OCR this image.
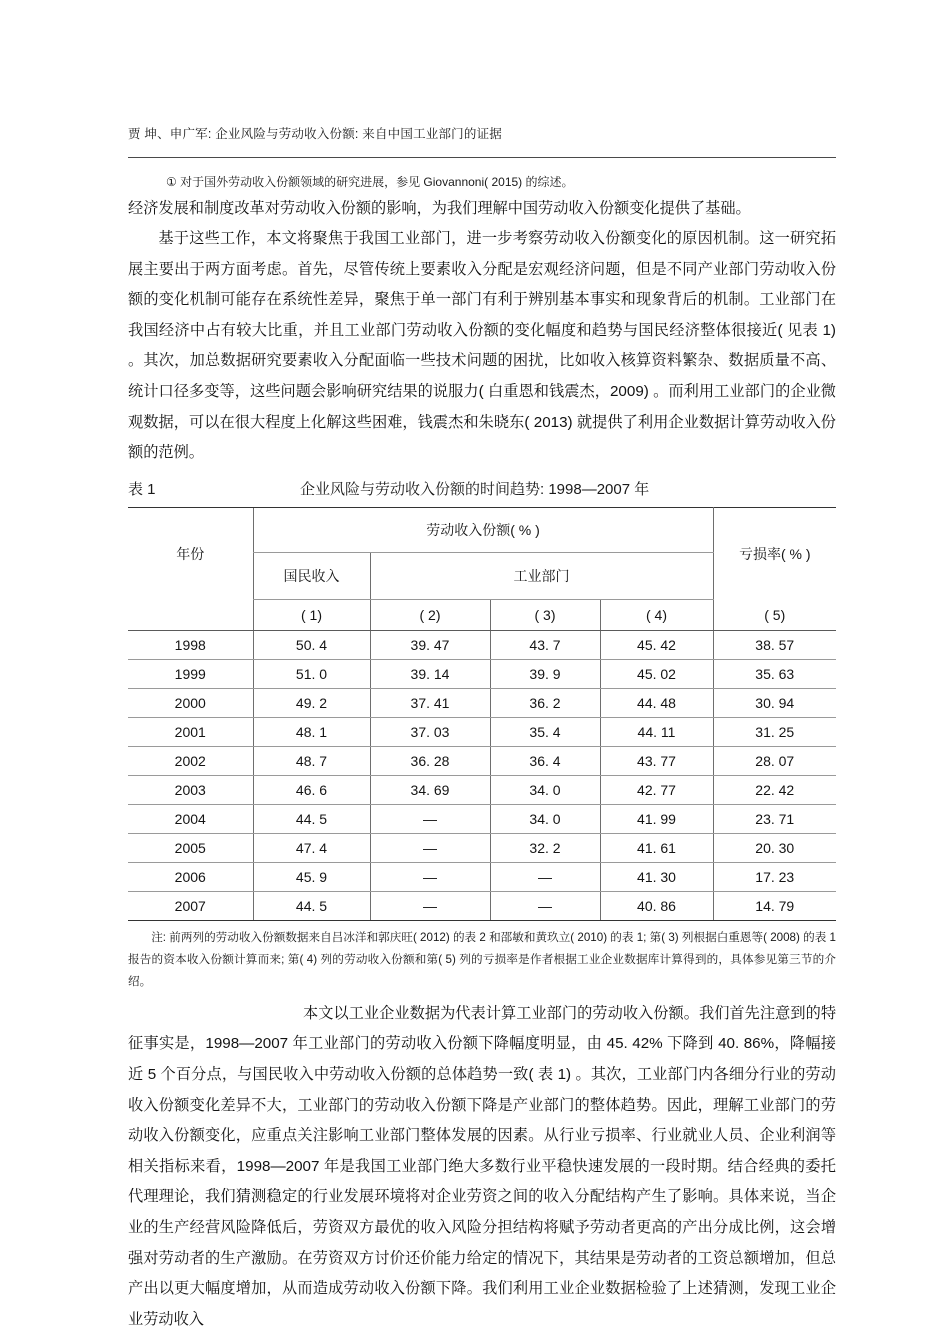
贾 坤、申广军: 企业风险与劳动收入份额: 来自中国工业部门的证据
① 对于国外劳动收入份额领域的研究进展，参见 Giovannoni( 2015) 的综述。

经济发展和制度改革对劳动收入份额的影响，为我们理解中国劳动收入份额变化提供了基础。

基于这些工作，本文将聚焦于我国工业部门，进一步考察劳动收入份额变化的原因机制。这一研究拓展主要出于两方面考虑。首先，尽管传统上要素收入分配是宏观经济问题，但是不同产业部门劳动收入份额的变化机制可能存在系统性差异，聚焦于单一部门有利于辨别基本事实和现象背后的机制。工业部门在我国经济中占有较大比重，并且工业部门劳动收入份额的变化幅度和趋势与国民经济整体很接近( 见表 1) 。其次，加总数据研究要素收入分配面临一些技术问题的困扰，比如收入核算资料繁杂、数据质量不高、统计口径多变等，这些问题会影响研究结果的说服力( 白重恩和钱震杰，2009) 。而利用工业部门的企业微观数据，可以在很大程度上化解这些困难，钱震杰和朱晓东( 2013) 就提供了利用企业数据计算劳动收入份额的范例。

表 1	企业风险与劳动收入份额的时间趋势: 1998—2007 年
年份	劳动收入份额( % )				亏损率( % )
	国民收入	工业部门			
	( 1)	( 2)	( 3)	( 4)	( 5)
1998	50. 4	39. 47	43. 7	45. 42	38. 57
1999	51. 0	39. 14	39. 9	45. 02	35. 63
2000	49. 2	37. 41	36. 2	44. 48	30. 94
2001	48. 1	37. 03	35. 4	44. 11	31. 25
2002	48. 7	36. 28	36. 4	43. 77	28. 07
2003	46. 6	34. 69	34. 0	42. 77	22. 42
2004	44. 5	—	34. 0	41. 99	23. 71
2005	47. 4	—	32. 2	41. 61	20. 30
2006	45. 9	—	—	41. 30	17. 23
2007	44. 5	—	—	40. 86	14. 79
注: 前两列的劳动收入份额数据来自吕冰洋和郭庆旺( 2012) 的表 2 和邵敏和黄玖立( 2010) 的表 1; 第( 3) 列根据白重恩等( 2008) 的表 1 报告的资本收入份额计算而来; 第( 4) 列的劳动收入份额和第( 5) 列的亏损率是作者根据工业企业数据库计算得到的，具体参见第三节的介绍。

本文以工业企业数据为代表计算工业部门的劳动收入份额。我们首先注意到的特征事实是，1998—2007 年工业部门的劳动收入份额下降幅度明显，由 45. 42% 下降到 40. 86%，降幅接近 5 个百分点，与国民收入中劳动收入份额的总体趋势一致( 表 1) 。其次，工业部门内各细分行业的劳动收入份额变化差异不大，工业部门的劳动收入份额下降是产业部门的整体趋势。因此，理解工业部门的劳动收入份额变化，应重点关注影响工业部门整体发展的因素。从行业亏损率、行业就业人员、企业利润等相关指标来看，1998—2007 年是我国工业部门绝大多数行业平稳快速发展的一段时期。结合经典的委托代理理论，我们猜测稳定的行业发展环境将对企业劳资之间的收入分配结构产生了影响。具体来说，当企业的生产经营风险降低后，劳资双方最优的收入风险分担结构将赋予劳动者更高的产出分成比例，这会增强对劳动者的生产激励。在劳资双方讨价还价能力给定的情况下，其结果是劳动者的工资总额增加，但总产出以更大幅度增加，从而造成劳动收入份额下降。我们利用工业企业数据检验了上述猜测，发现工业企业劳动收入
